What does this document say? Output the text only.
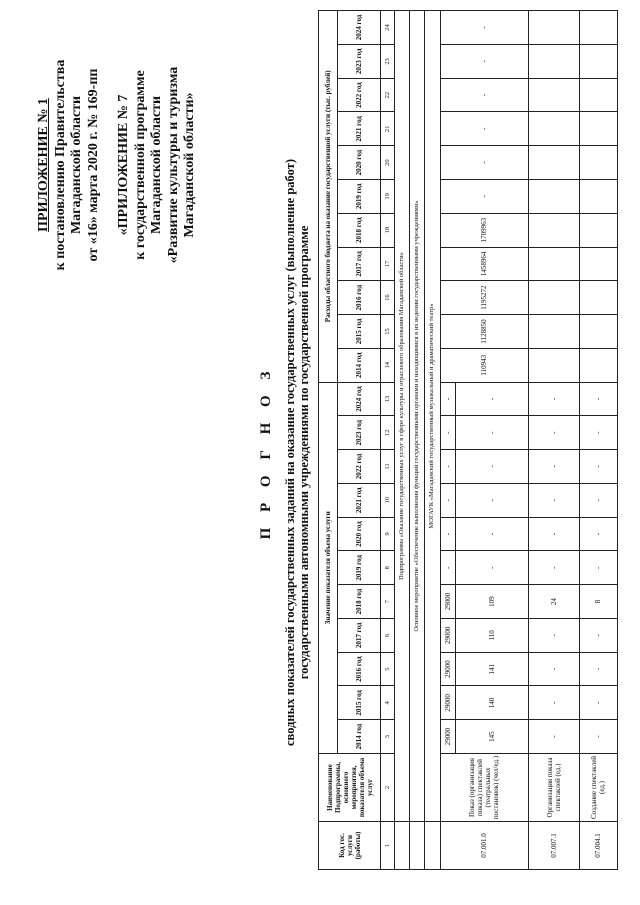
ПРИЛОЖЕНИЕ № 1 к постановлению Правительства Магаданской области от «16» марта 2020 г. № 169-пп «ПРИЛОЖЕНИЕ № 7 к государственной программе Магаданской области «Развитие культуры и туризма Магаданской области»
П Р О Г Н О З сводных показателей государственных заданий на оказание государственных услуг (выполнение работ) государственными автономными учреждениями по государственной программе
Код гос. услуги (работы)	Наименование Подпрограммы, основного мероприятия, показателя объема услуг	Значение показателя объема услуги											Расходы областного бюджета на оказание государственной услуги (тыс. рублей)										
		2014 год	2015 год	2016 год	2017 год	2018 год	2019 год	2020 год	2021 год	2022 год	2023 год	2024 год	2014 год	2015 год	2016 год	2017 год	2018 год	2019 год	2020 год	2021 год	2022 год	2023 год	2024 год
1	2	3	4	5	6	7	8	9	10	11	12	13	14	15	16	17	18	19	20	21	22	23	24
	Подпрограмма «Оказание государственных услуг в сфере культуры и отраслевого образования Магаданской области»																						
	Основное мероприятие «Обеспечение выполнения функций государственными органами и находящимися в их ведении государственными учреждениями»																						
	МОГАУК «Магаданский государственный музыкальный и драматический театр»																						
07.001.0	Показ (организация показа) спектаклей (театральных постановок) (чел/ед.)	29000	29000	29000	29000	29000	-	-	-	-	-	-	110943	1128850	1195272	1458964	1709963	-	-	-	-	-	-
		145	140	141	110	109	-	-	-	-	-	-											
07.007.1	Организация показа спектаклей (ед.)	-	-	-	-	24	-	-	-	-	-	-											
07.004.1	Создание спектаклей (ед.)	-	-	-	-	8	-	-	-	-	-	-											
